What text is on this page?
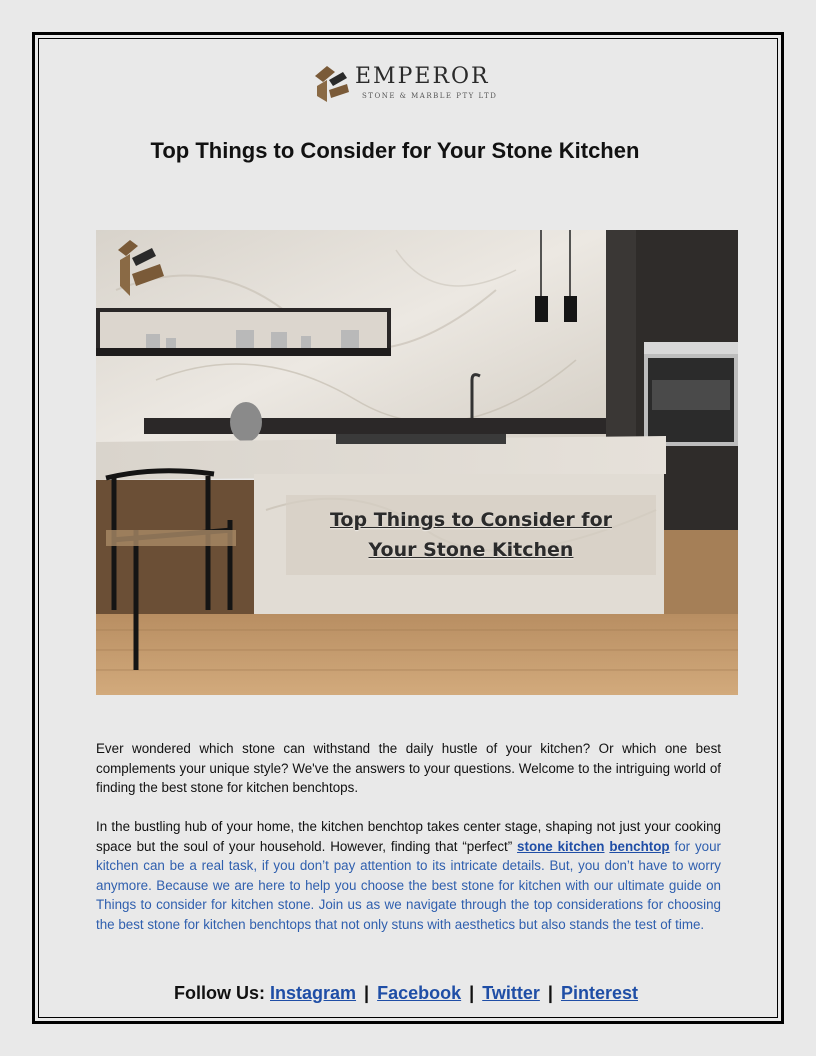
EMPEROR
STONE & MARBLE PTY LTD
Top Things to Consider for Your Stone Kitchen
Top Things to Consider for
Your Stone Kitchen

Ever wondered which stone can withstand the daily hustle of your kitchen? Or which one best complements your unique style? We've the answers to your questions. Welcome to the intriguing world of finding the best stone for kitchen benchtops.

In the bustling hub of your home, the kitchen benchtop takes center stage, shaping not just your cooking space but the soul of your household. However, finding that “perfect” stone kitchen benchtop for your kitchen can be a real task, if you don’t pay attention to its intricate details. But, you don’t have to worry anymore. Because we are here to help you choose the best stone for kitchen with our ultimate guide on Things to consider for kitchen stone. Join us as we navigate through the top considerations for choosing the best stone for kitchen benchtops that not only stuns with aesthetics but also stands the test of time.

Follow Us: Instagram | Facebook | Twitter | Pinterest
